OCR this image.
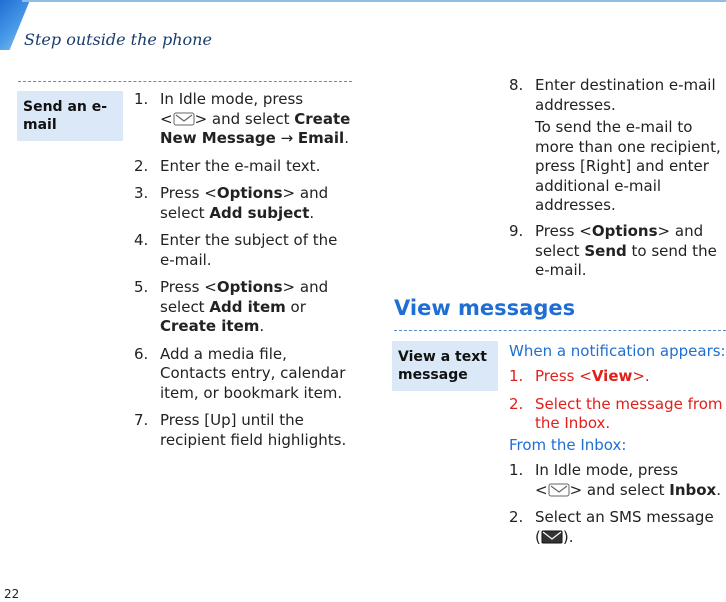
Step outside the phone
Send an e-mail
1. In Idle mode, press
< > and select Create New Message → Email.
2. Enter the e-mail text.
3. Press <Options> and select Add subject.
4. Enter the subject of the e-mail.
5. Press <Options> and select Add item or Create item.
6. Add a media file, Contacts entry, calendar item, or bookmark item.
7. Press [Up] until the recipient field highlights.
8. Enter destination e-mail addresses.

To send the e-mail to more than one recipient, press [Right] and enter additional e-mail addresses.

9. Press <Options> and select Send to send the e-mail.
View messages
View a text message
When a notification appears:
1. Press <View>.
2. Select the message from the Inbox.
From the Inbox:
1. In Idle mode, press
< > and select Inbox.
2. Select an SMS message
( ).
22
